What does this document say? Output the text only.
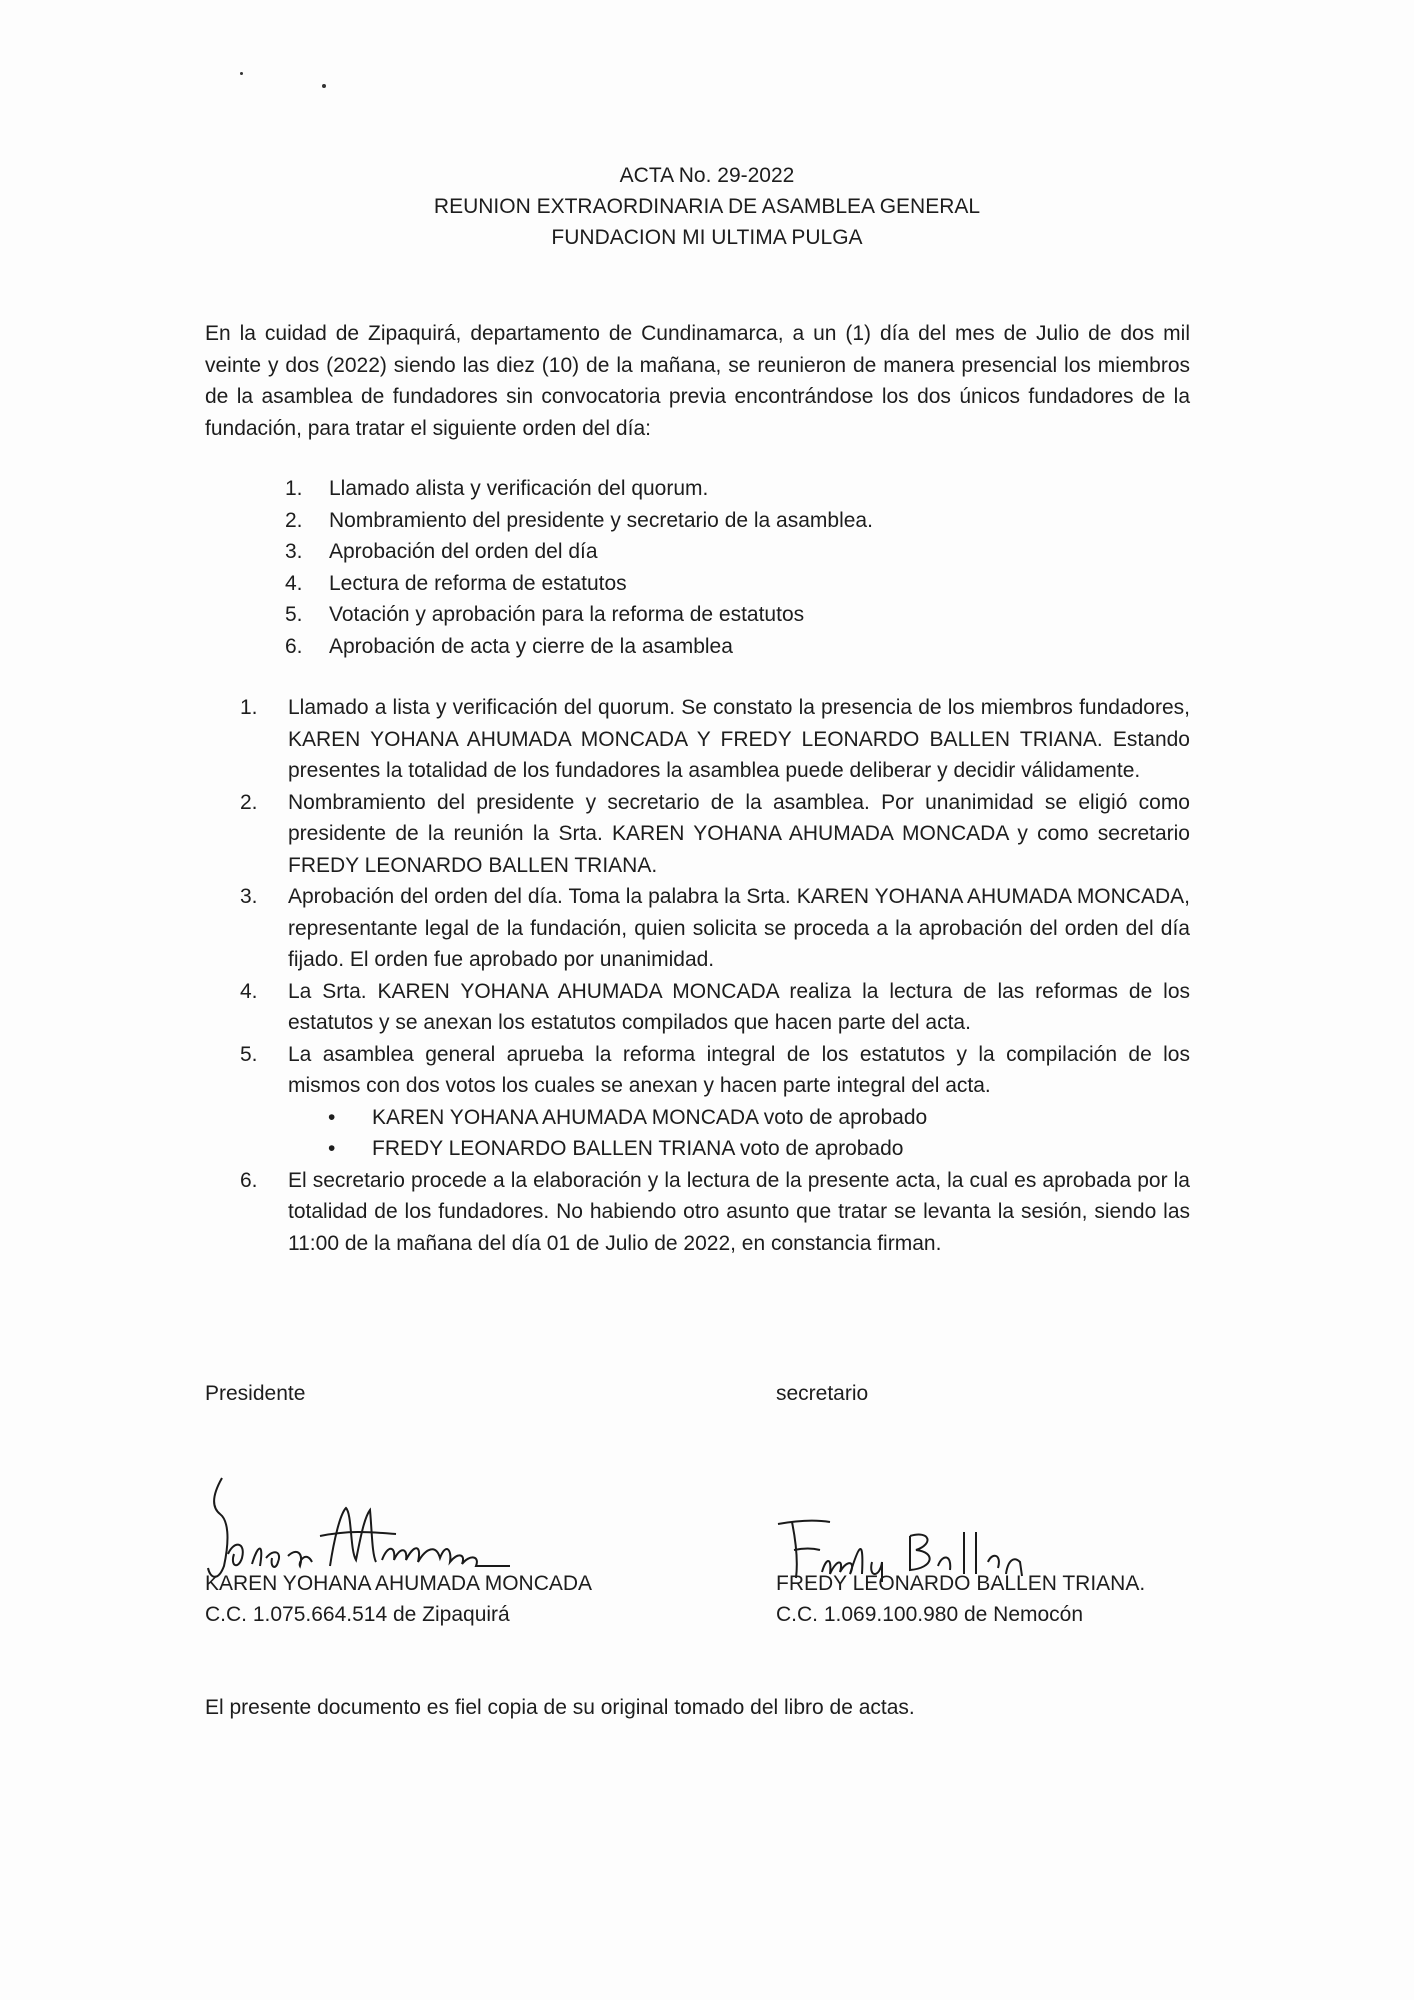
ACTA No. 29-2022
REUNION EXTRAORDINARIA DE ASAMBLEA GENERAL
FUNDACION MI ULTIMA PULGA
En la cuidad de Zipaquirá, departamento de Cundinamarca, a un (1) día del mes de Julio de dos mil veinte y dos (2022) siendo las diez (10) de la mañana, se reunieron de manera presencial los miembros de la asamblea de fundadores sin convocatoria previa encontrándose los dos únicos fundadores de la fundación, para tratar el siguiente orden del día:
1.	Llamado alista y verificación del quorum.
2.	Nombramiento del presidente y secretario de la asamblea.
3.	Aprobación del orden del día
4.	Lectura de reforma de estatutos
5.	Votación y aprobación para la reforma de estatutos
6.	Aprobación de acta y cierre de la asamblea
1.	Llamado a lista y verificación del quorum. Se constato la presencia de los miembros fundadores, KAREN YOHANA AHUMADA MONCADA Y FREDY LEONARDO BALLEN TRIANA. Estando presentes la totalidad de los fundadores la asamblea puede deliberar y decidir válidamente.
2.	Nombramiento del presidente y secretario de la asamblea. Por unanimidad se eligió como presidente de la reunión la Srta. KAREN YOHANA AHUMADA MONCADA y como secretario FREDY LEONARDO BALLEN TRIANA.
3.	Aprobación del orden del día. Toma la palabra la Srta. KAREN YOHANA AHUMADA MONCADA, representante legal de la fundación, quien solicita se proceda a la aprobación del orden del día fijado. El orden fue aprobado por unanimidad.
4.	La Srta. KAREN YOHANA AHUMADA MONCADA realiza la lectura de las reformas de los estatutos y se anexan los estatutos compilados que hacen parte del acta.
5.	La asamblea general aprueba la reforma integral de los estatutos y la compilación de los mismos con dos votos los cuales se anexan y hacen parte integral del acta.
•	KAREN YOHANA AHUMADA MONCADA voto de aprobado
•	FREDY LEONARDO BALLEN TRIANA voto de aprobado
6.	El secretario procede a la elaboración y la lectura de la presente acta, la cual es aprobada por la totalidad de los fundadores. No habiendo otro asunto que tratar se levanta la sesión, siendo las 11:00 de la mañana del día 01 de Julio de 2022, en constancia firman.
Presidente	secretario
KAREN YOHANA AHUMADA MONCADA
C.C. 1.075.664.514 de Zipaquirá
FREDY LEONARDO BALLEN TRIANA.
C.C. 1.069.100.980 de Nemocón
El presente documento es fiel copia de su original tomado del libro de actas.
